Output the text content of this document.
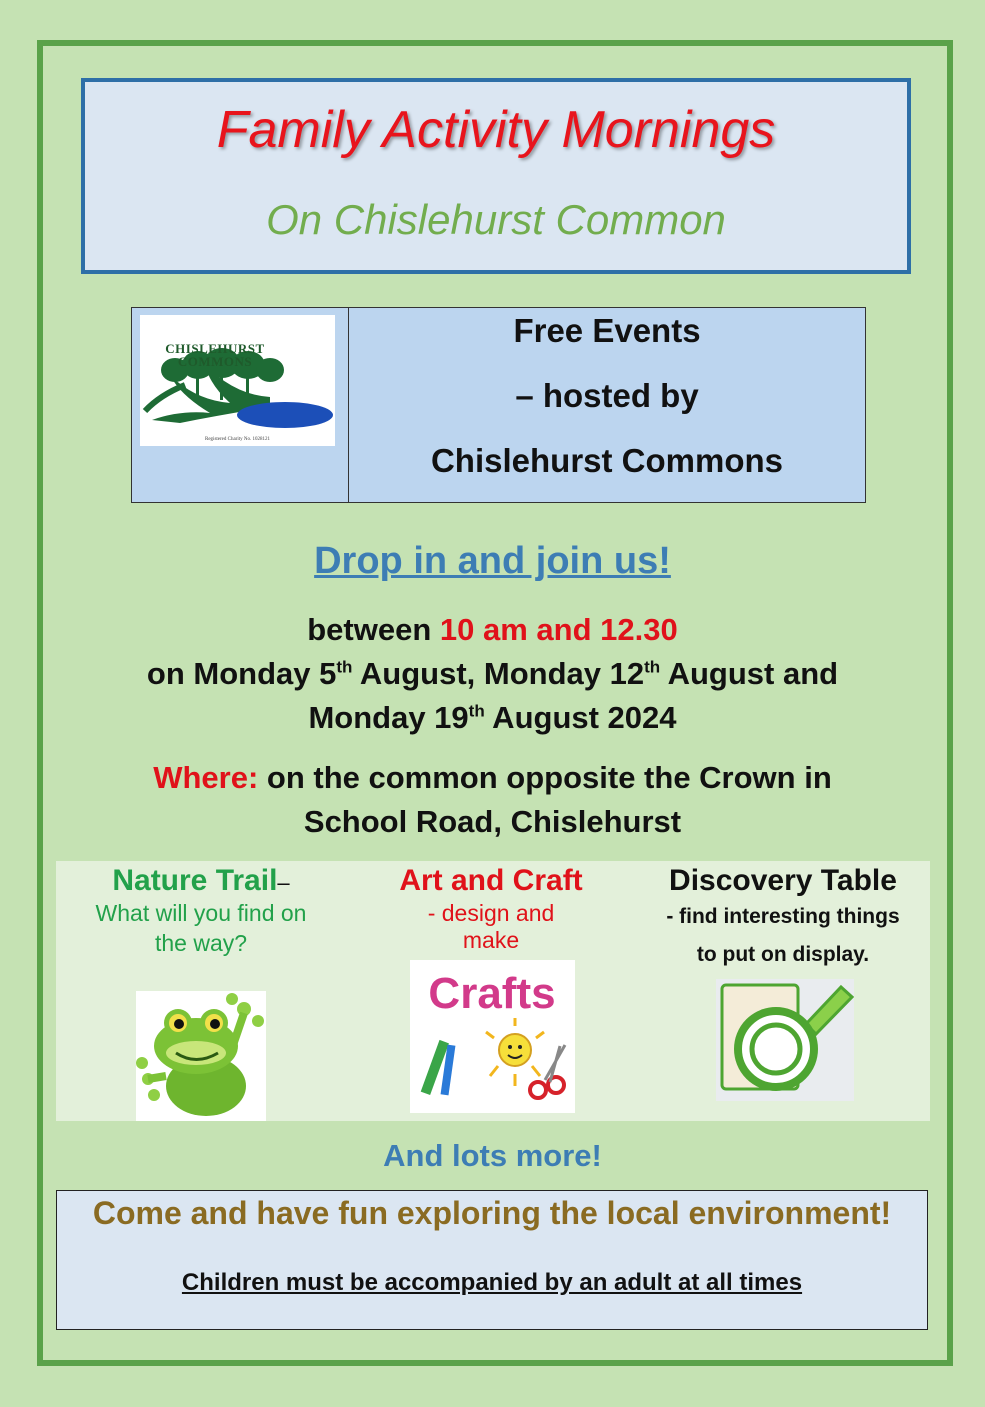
Family Activity Mornings
On Chislehurst Common
CHISLEHURST
COMMONS
Registered Charity No. 1028121
Free Events
– hosted by
Chislehurst Commons
Drop in and join us!
between 10 am and 12.30
on Monday 5th August, Monday 12th August and
Monday 19th August 2024
Where: on the common opposite the Crown in
School Road, Chislehurst
Nature Trail–
What will you find on
the way?
Art and Craft
- design and
make
Crafts
Discovery Table
- find interesting things
to put on display.
And lots more!
Come and have fun exploring the local environment!
Children must be accompanied by an adult at all times
